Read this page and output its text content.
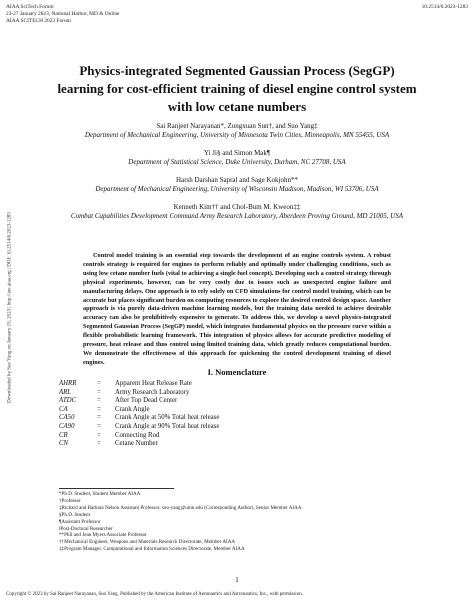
AIAA SciTech Forum
23-27 January 2023, National Harbor, MD & Online
AIAA SCITECH 2023 Forum
10.2514/6.2023-1283
Downloaded by Suo Yang on January 19, 2023 | http://arc.aiaa.org | DOI: 10.2514/6.2023-1283
Physics-integrated Segmented Gaussian Process (SegGP)
learning for cost-efficient training of diesel engine control system
with low cetane numbers
Sai Ranjeet Narayanan*, Zongxuan Sun†, and Suo Yang‡
Department of Mechanical Engineering, University of Minnesota Twin Cities, Minneapolis, MN 55455, USA
Yi Ji§ and Simon Mak¶
Department of Statistical Science, Duke University, Durham, NC 27708, USA
Harsh Darshan Sapra‖ and Sage Kokjohn**
Department of Mechanical Engineering, University of Wisconsin Madison, Madison, WI 53706, USA
Kenneth Kim†† and Chol-Bum M. Kweon‡‡
Combat Capabilities Development Command Army Research Laboratory, Aberdeen Proving Ground, MD 21005, USA
Control model training is an essential step towards the development of an engine controls system. A robust controls strategy is required for engines to perform reliably and optimally under challenging conditions, such as using low cetane number fuels (vital to achieving a single fuel concept). Developing such a control strategy through physical experiments, however, can be very costly due to issues such as unexpected engine failure and manufacturing delays. One approach is to rely solely on CFD simulations for control model training, which can be accurate but places significant burden on computing resources to explore the desired control design space. Another approach is via purely data-driven machine learning models, but the training data needed to achieve desirable accuracy can also be prohibitively expensive to generate. To address this, we develop a novel physics-integrated Segmented Gaussian Process (SegGP) model, which integrates fundamental physics on the pressure curve within a flexible probabilistic learning framework. This integration of physics allows for accurate predictive modeling of pressure, heat release and thus control using limited training data, which greatly reduces computational burden. We demonstrate the effectiveness of this approach for quickening the control development training of diesel engines.
I. Nomenclature
AHRR	=	Apparent Heat Release Rate
ARL	=	Army Research Laboratory
ATDC	=	After Top Dead Center
CA	=	Crank Angle
CA50	=	Crank Angle at 50% Total heat release
CA90	=	Crank Angle at 90% Total heat release
CR	=	Connecting Rod
CN	=	Cetane Number
*Ph.D. Student, Student Member AIAA
†Professor
‡Richard and Barbara Nelson Assistant Professor, suo-yang@umn.edu (Corresponding Author), Senior Member AIAA
§Ph.D. Student
¶Assistant Professor
‖Post-Doctoral Researcher
**Phil and Jean Myers Associate Professor
††Mechanical Engineer, Weapons and Materials Research Directorate, Member AIAA
‡‡Program Manager, Computational and Information Sciences Directorate, Member AIAA
1
Copyright © 2023 by Sai Ranjeet Narayanan, Suo Yang. Published by the American Institute of Aeronautics and Astronautics, Inc., with permission.
